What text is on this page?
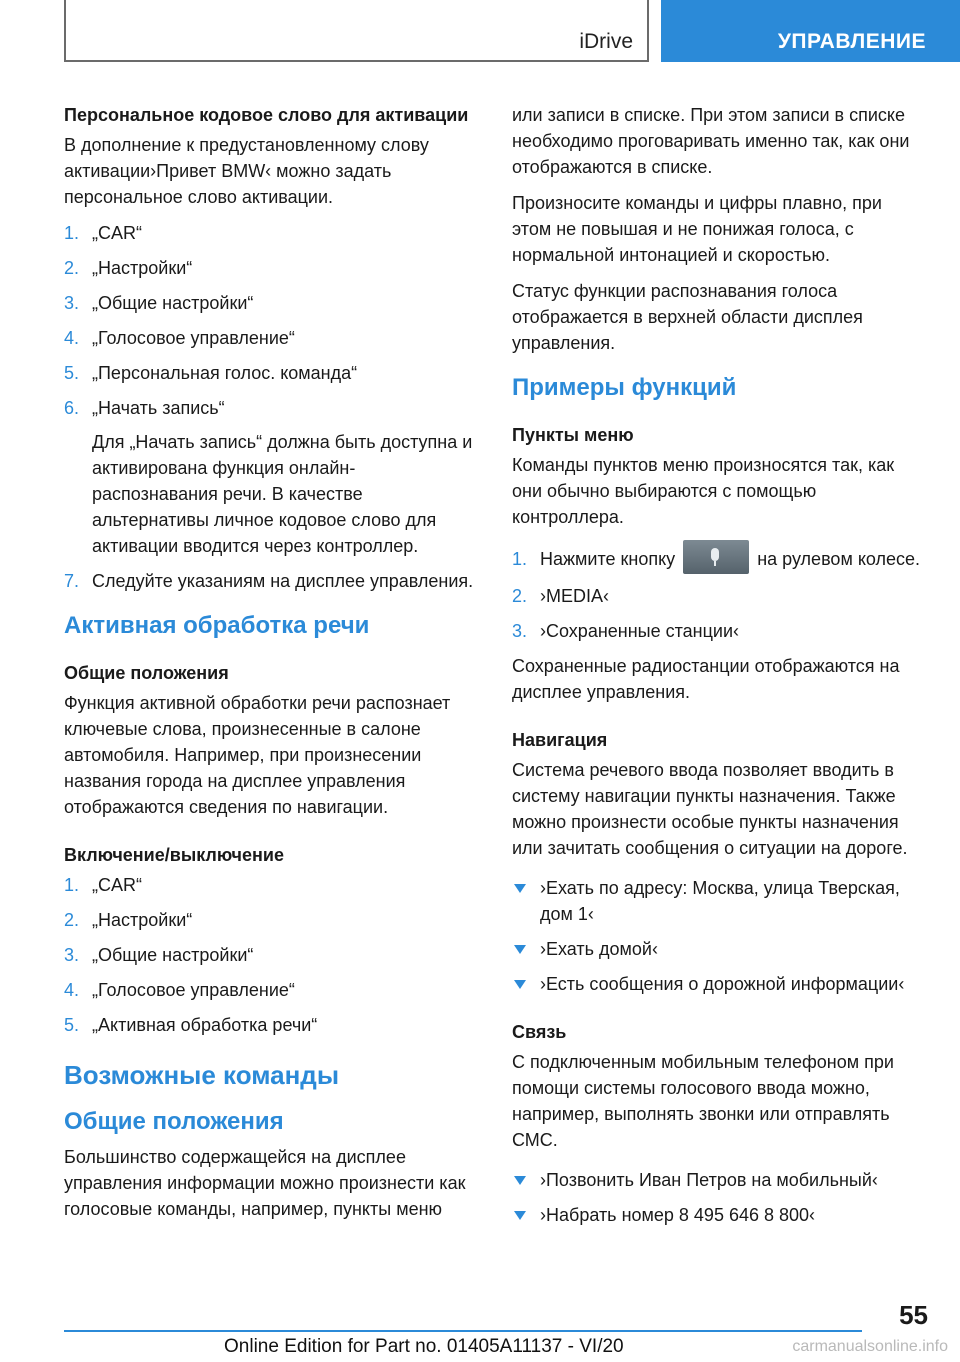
iDrive	УПРАВЛЕНИЕ
Персональное кодовое слово для активации

В дополнение к предустановленному слову активации›Привет BMW‹ можно задать персональное слово активации.

1. „CAR“
2. „Настройки“
3. „Общие настройки“
4. „Голосовое управление“
5. „Персональная голос. команда“
6. „Начать запись“
Для „Начать запись“ должна быть доступна и активирована функция онлайн-распознавания речи. В качестве альтернативы личное кодовое слово для активации вводится через контроллер.
7. Следуйте указаниям на дисплее управления.
Активная обработка речи
Общие положения

Функция активной обработки речи распознает ключевые слова, произнесенные в салоне автомобиля. Например, при произнесении названия города на дисплее управления отображаются сведения по навигации.

Включение/выключение
1. „CAR“
2. „Настройки“
3. „Общие настройки“
4. „Голосовое управление“
5. „Активная обработка речи“
Возможные команды
Общие положения

Большинство содержащейся на дисплее управления информации можно произнести как голосовые команды, например, пункты меню

или записи в списке. При этом записи в списке необходимо проговаривать именно так, как они отображаются в списке.

Произносите команды и цифры плавно, при этом не повышая и не понижая голоса, с нормальной интонацией и скоростью.

Статус функции распознавания голоса отображается в верхней области дисплея управления.

Примеры функций
Пункты меню

Команды пунктов меню произносятся так, как они обычно выбираются с помощью контроллера.

1. Нажмите кнопку	на рулевом колесе.
2. ›MEDIA‹
3. ›Сохраненные станции‹

Сохраненные радиостанции отображаются на дисплее управления.

Навигация

Система речевого ввода позволяет вводить в систему навигации пункты назначения. Также можно произнести особые пункты назначения или зачитать сообщения о ситуации на дороге.

›Ехать по адресу: Москва, улица Тверская, дом 1‹
›Ехать домой‹
›Есть сообщения о дорожной информации‹
Связь

С подключенным мобильным телефоном при помощи системы голосового ввода можно, например, выполнять звонки или отправлять СМС.

›Позвонить Иван Петров на мобильный‹
›Набрать номер 8 495 646 8 800‹
55
Online Edition for Part no. 01405A11137 - VI/20	carmanualsonline.info
